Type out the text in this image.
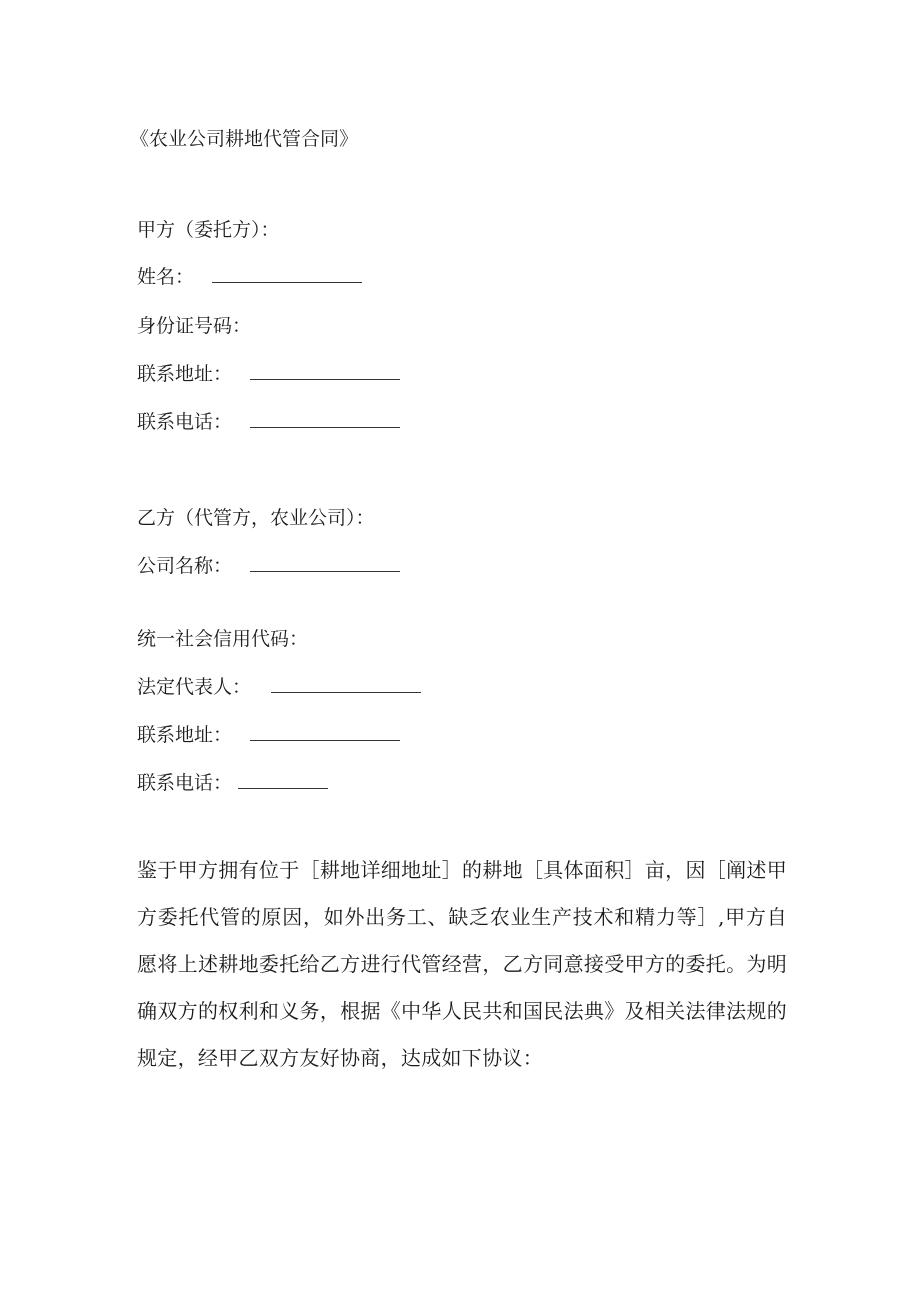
《农业公司耕地代管合同》
甲方（委托方）：
姓名：
身份证号码：
联系地址：
联系电话：
乙方（代管方，农业公司）：
公司名称：
统一社会信用代码：
法定代表人：
联系地址：
联系电话：
鉴于甲方拥有位于［耕地详细地址］的耕地［具体面积］亩，因［阐述甲方委托代管的原因，如外出务工、缺乏农业生产技术和精力等］,甲方自愿将上述耕地委托给乙方进行代管经营，乙方同意接受甲方的委托。为明确双方的权利和义务，根据《中华人民共和国民法典》及相关法律法规的规定，经甲乙双方友好协商，达成如下协议：
